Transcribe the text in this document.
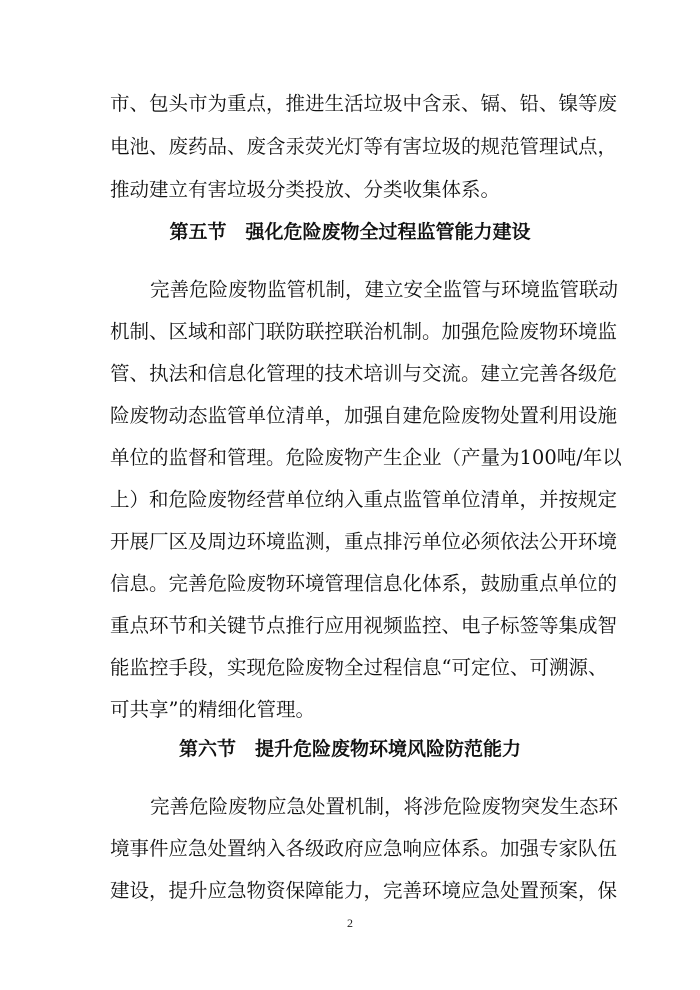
市、包头市为重点，推进生活垃圾中含汞、镉、铅、镍等废
电池、废药品、废含汞荧光灯等有害垃圾的规范管理试点，
推动建立有害垃圾分类投放、分类收集体系。
第五节　强化危险废物全过程监管能力建设
完善危险废物监管机制，建立安全监管与环境监管联动
机制、区域和部门联防联控联治机制。加强危险废物环境监
管、执法和信息化管理的技术培训与交流。建立完善各级危
险废物动态监管单位清单，加强自建危险废物处置利用设施
单位的监督和管理。危险废物产生企业（产量为100吨/年以
上）和危险废物经营单位纳入重点监管单位清单，并按规定
开展厂区及周边环境监测，重点排污单位必须依法公开环境
信息。完善危险废物环境管理信息化体系，鼓励重点单位的
重点环节和关键节点推行应用视频监控、电子标签等集成智
能监控手段，实现危险废物全过程信息“可定位、可溯源、
可共享”的精细化管理。
第六节　提升危险废物环境风险防范能力
完善危险废物应急处置机制，将涉危险废物突发生态环
境事件应急处置纳入各级政府应急响应体系。加强专家队伍
建设，提升应急物资保障能力，完善环境应急处置预案，保
2
